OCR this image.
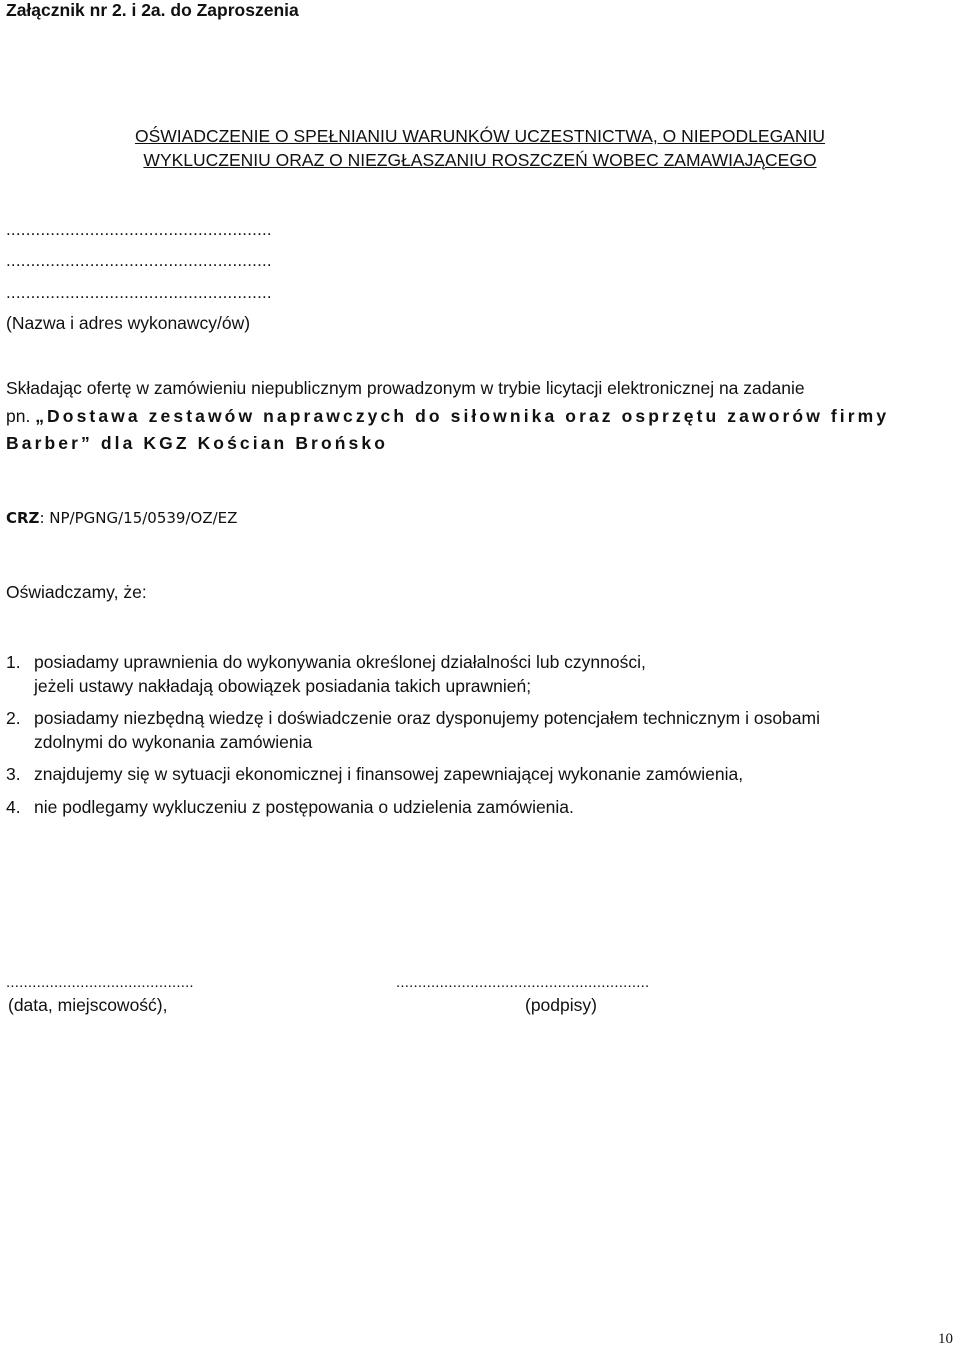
Załącznik nr 2. i 2a. do Zaproszenia
OŚWIADCZENIE O SPEŁNIANIU WARUNKÓW UCZESTNICTWA, O NIEPODLEGANIU
WYKLUCZENIU ORAZ O NIEZGŁASZANIU ROSZCZEŃ WOBEC ZAMAWIAJĄCEGO
......................................................
......................................................
......................................................
(Nazwa i adres wykonawcy/ów)
Składając ofertę w zamówieniu niepublicznym prowadzonym w trybie licytacji elektronicznej na zadanie
pn. „Dostawa zestawów naprawczych do siłownika oraz osprzętu zaworów firmy
Barber” dla KGZ Kościan Brońsko
CRZ: NP/PGNG/15/0539/OZ/EZ
Oświadczamy, że:
1. posiadamy uprawnienia do wykonywania określonej działalności lub czynności,
jeżeli ustawy nakładają obowiązek posiadania takich uprawnień;
2. posiadamy niezbędną wiedzę i doświadczenie oraz dysponujemy potencjałem technicznym i osobami
zdolnymi do wykonania zamówienia
3. znajdujemy się w sytuacji ekonomicznej i finansowej zapewniającej wykonanie zamówienia,
4. nie podlegamy wykluczeniu z postępowania o udzielenia zamówienia.
...........................................
(data, miejscowość),
..........................................................
(podpisy)
10
